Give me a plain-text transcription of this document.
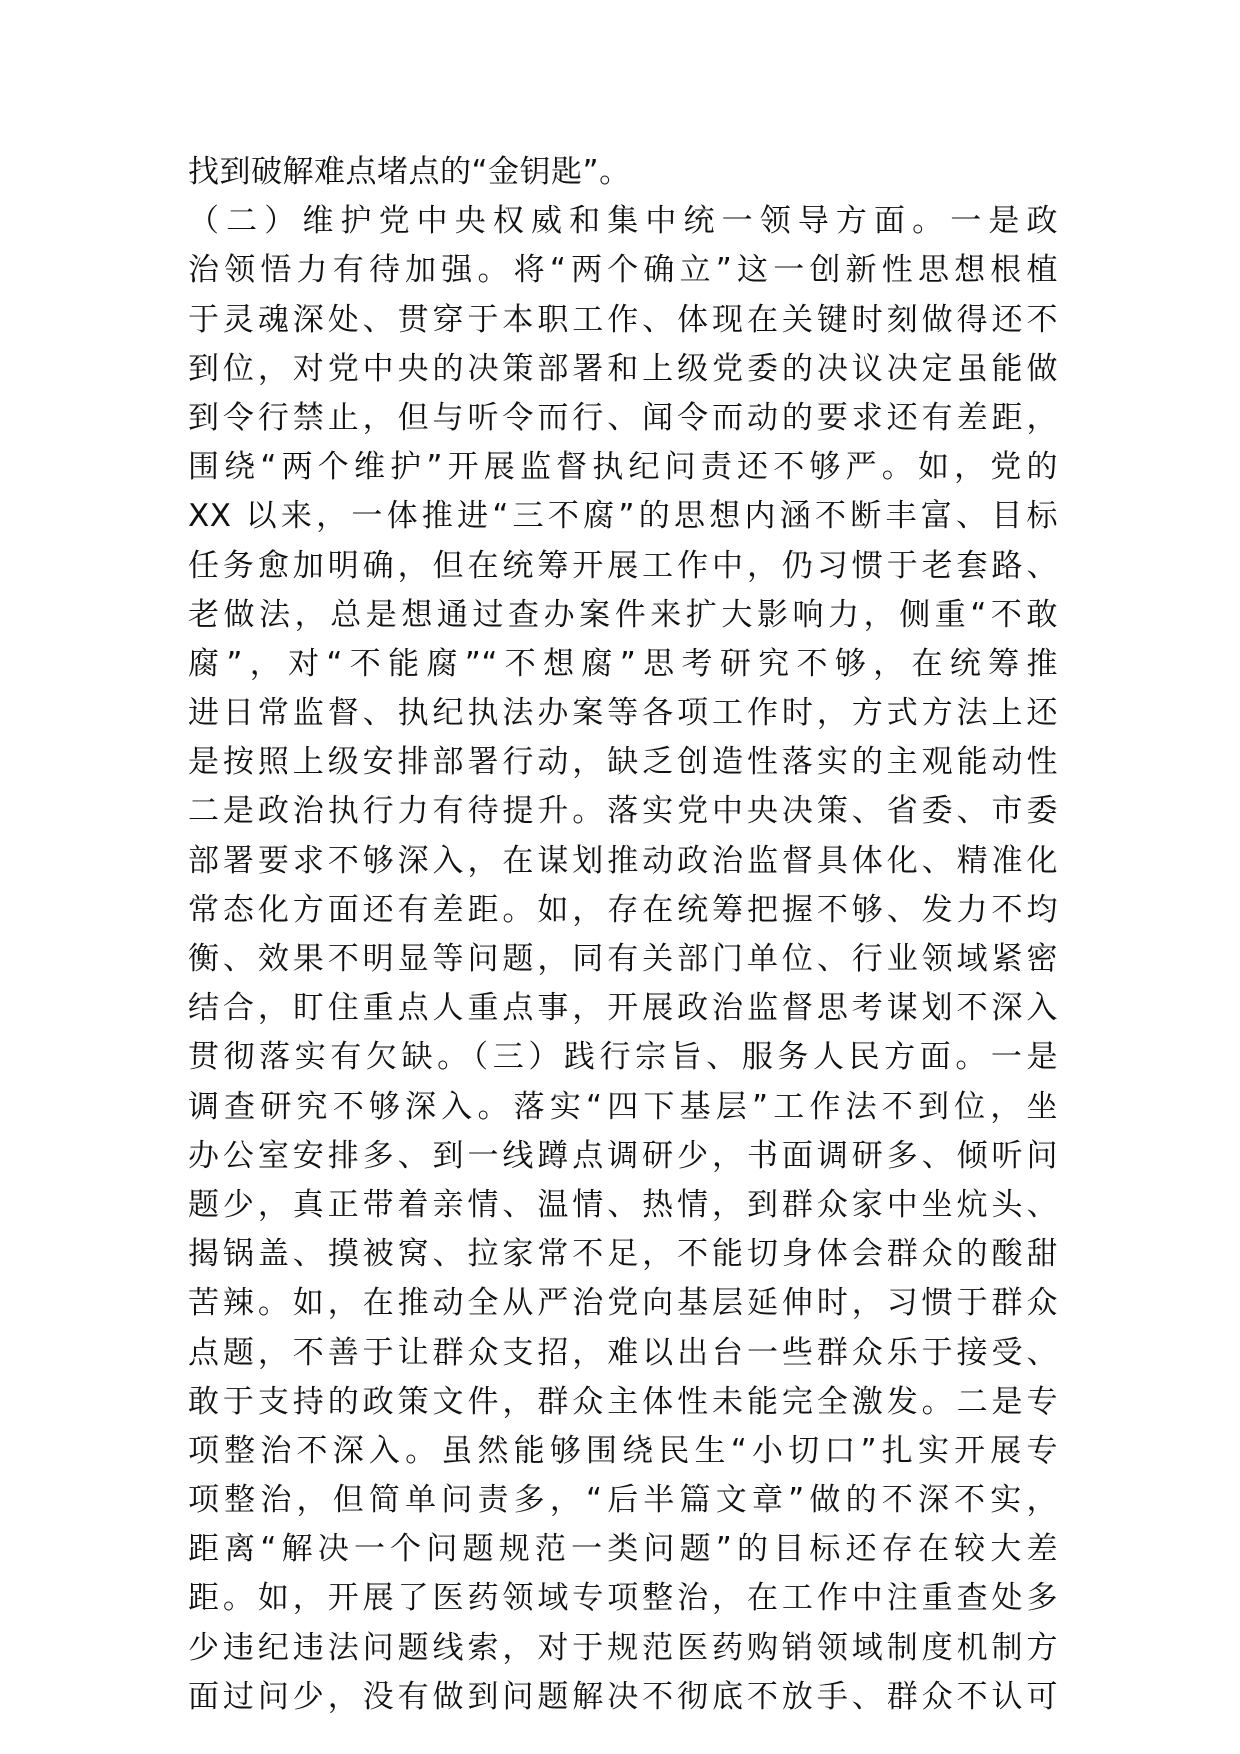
找到破解难点堵点的“金钥匙”。
（二）维护党中央权威和集中统一领导方面。一是政
治领悟力有待加强。将“两个确立”这一创新性思想根植
于灵魂深处、贯穿于本职工作、体现在关键时刻做得还不
到位，对党中央的决策部署和上级党委的决议决定虽能做
到令行禁止，但与听令而行、闻令而动的要求还有差距，
围绕“两个维护”开展监督执纪问责还不够严。如，党的
XX 以来，一体推进“三不腐”的思想内涵不断丰富、目标
任务愈加明确，但在统筹开展工作中，仍习惯于老套路、
老做法，总是想通过查办案件来扩大影响力，侧重“不敢
腐”，对“不能腐”“不想腐”思考研究不够，在统筹推
进日常监督、执纪执法办案等各项工作时，方式方法上还
是按照上级安排部署行动，缺乏创造性落实的主观能动性
二是政治执行力有待提升。落实党中央决策、省委、市委
部署要求不够深入，在谋划推动政治监督具体化、精准化
常态化方面还有差距。如，存在统筹把握不够、发力不均
衡、效果不明显等问题，同有关部门单位、行业领域紧密
结合，盯住重点人重点事，开展政治监督思考谋划不深入
贯彻落实有欠缺。（三）践行宗旨、服务人民方面。一是
调查研究不够深入。落实“四下基层”工作法不到位，坐
办公室安排多、到一线蹲点调研少，书面调研多、倾听问
题少，真正带着亲情、温情、热情，到群众家中坐炕头、
揭锅盖、摸被窝、拉家常不足，不能切身体会群众的酸甜
苦辣。如，在推动全从严治党向基层延伸时，习惯于群众
点题，不善于让群众支招，难以出台一些群众乐于接受、
敢于支持的政策文件，群众主体性未能完全激发。二是专
项整治不深入。虽然能够围绕民生“小切口”扎实开展专
项整治，但简单问责多，“后半篇文章”做的不深不实，
距离“解决一个问题规范一类问题”的目标还存在较大差
距。如，开展了医药领域专项整治，在工作中注重查处多
少违纪违法问题线索，对于规范医药购销领域制度机制方
面过问少，没有做到问题解决不彻底不放手、群众不认可
